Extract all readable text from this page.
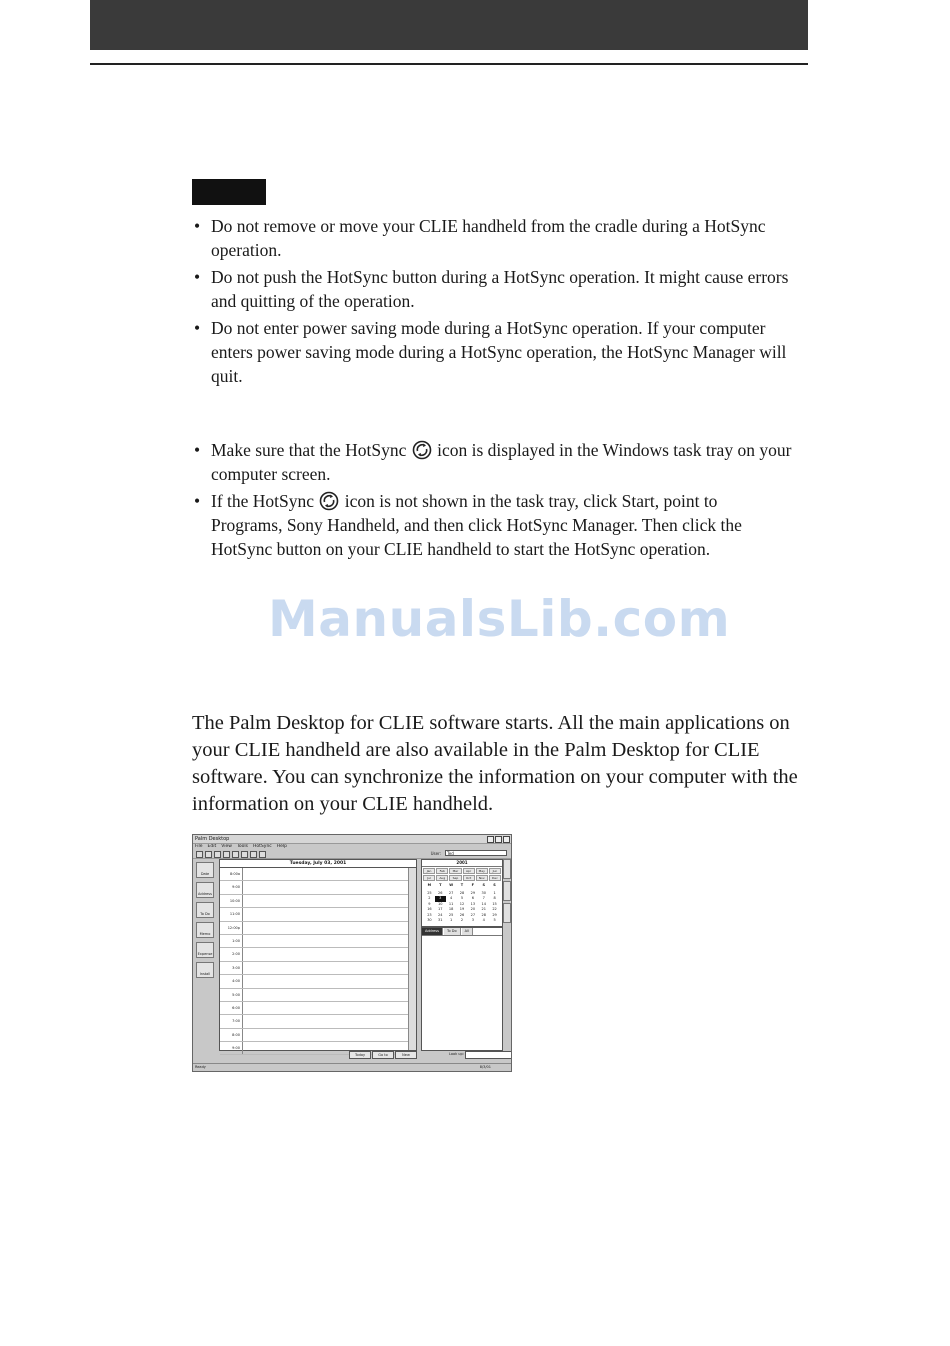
• Do not remove or move your CLIE handheld from the cradle during a HotSync operation.
• Do not push the HotSync button during a HotSync operation. It might cause errors and quitting of the operation.
• Do not enter power saving mode during a HotSync operation. If your computer enters power saving mode during a HotSync operation, the HotSync Manager will quit.
• Make sure that the HotSync icon is displayed in the Windows task tray on your computer screen.
• If the HotSync icon is not shown in the task tray, click Start, point to Programs, Sony Handheld, and then click HotSync Manager. Then click the HotSync button on your CLIE handheld to start the HotSync operation.
ManualsLib.com

The Palm Desktop for CLIE software starts. All the main applications on your CLIE handheld are also available in the Palm Desktop for CLIE software. You can synchronize the information on your computer with the information on your CLIE handheld.

Palm Desktop
File Edit View Tools HotSync Help
User:	Ted
Date
Address
To Do
Memo
Expense
Install
Tuesday, July 03, 2001
8:00a
9:00
10:00
11:00
12:00p
1:00
2:00
3:00
4:00
5:00
6:00
7:00
8:00
9:00
2001
Jan	Feb	Mar	Apr	May	Jun
Jul	Aug	Sep	Oct	Nov	Dec
M	T	W	T	F	S	S
25	26	27	28	29	30	1
2	3	4	5	6	7	8
9	10	11	12	13	14	15
16	17	18	19	20	21	22
23	24	25	26	27	28	29
30	31	1	2	3	4	5
Address	To Do	All
Today	Go to	New	Look up:
Ready	8/3/01
